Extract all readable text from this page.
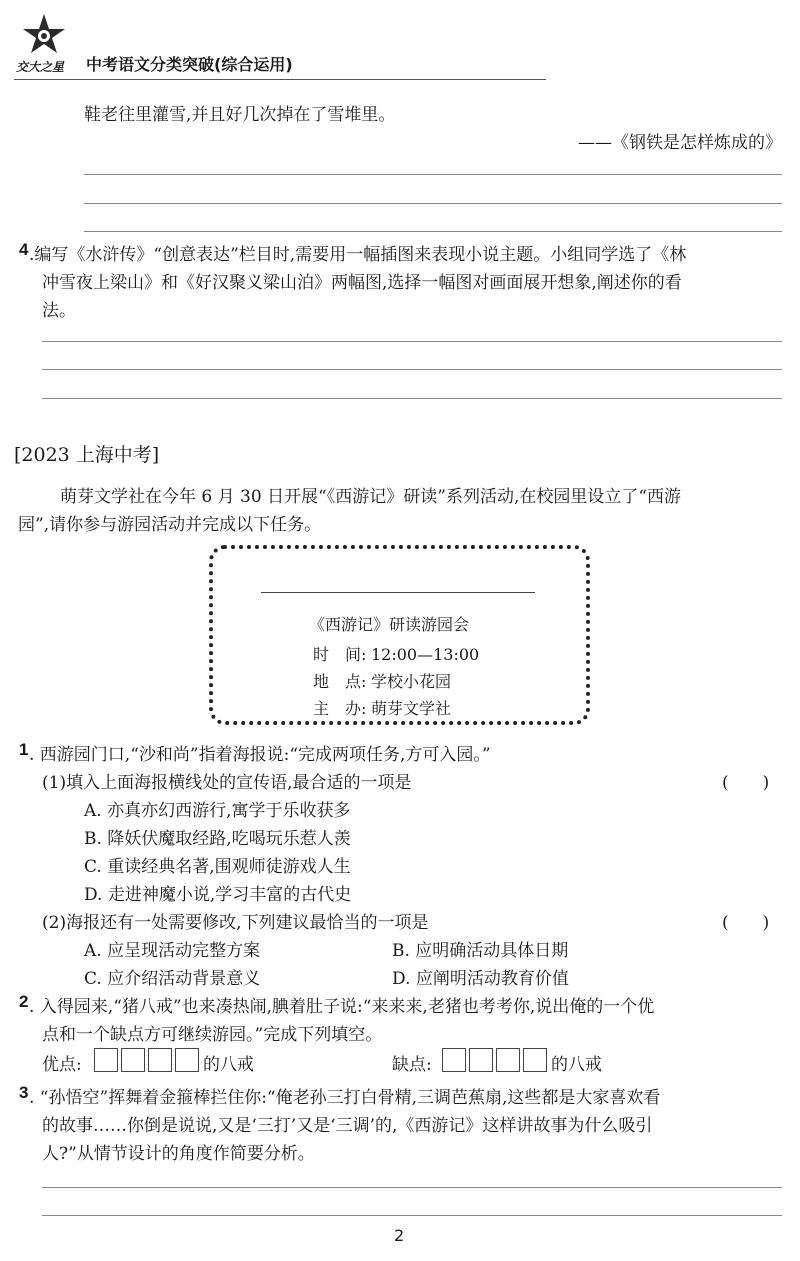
交大之星 中考语文分类突破(综合运用)
鞋老往里灌雪,并且好几次掉在了雪堆里。
——《钢铁是怎样炼成的》
4 .编写《水浒传》“创意表达”栏目时,需要用一幅插图来表现小说主题。小组同学选了《林
冲雪夜上梁山》和《好汉聚义梁山泊》两幅图,选择一幅图对画面展开想象,阐述你的看
法。
[2023 上海中考]
萌芽文学社在今年 6 月 30 日开展“《西游记》研读”系列活动,在校园里设立了“西游
园”,请你参与游园活动并完成以下任务。
《西游记》研读游园会
时　间: 12:00—13:00
地　点: 学校小花园
主　办: 萌芽文学社
1 . 西游园门口,“沙和尚”指着海报说:“完成两项任务,方可入园。”
(1)填入上面海报横线处的宣传语,最合适的一项是	(　　)
A. 亦真亦幻西游行,寓学于乐收获多
B. 降妖伏魔取经路,吃喝玩乐惹人羡
C. 重读经典名著,围观师徒游戏人生
D. 走进神魔小说,学习丰富的古代史
(2)海报还有一处需要修改,下列建议最恰当的一项是	(　　)
A. 应呈现活动完整方案	B. 应明确活动具体日期
C. 应介绍活动背景意义	D. 应阐明活动教育价值
2 . 入得园来,“猪八戒”也来凑热闹,腆着肚子说:“来来来,老猪也考考你,说出俺的一个优
点和一个缺点方可继续游园。”完成下列填空。
优点:	的八戒	缺点:	的八戒
3 . “孙悟空”挥舞着金箍棒拦住你:“俺老孙三打白骨精,三调芭蕉扇,这些都是大家喜欢看
的故事……你倒是说说,又是‘三打’又是‘三调’的,《西游记》这样讲故事为什么吸引
人?”从情节设计的角度作简要分析。
2
